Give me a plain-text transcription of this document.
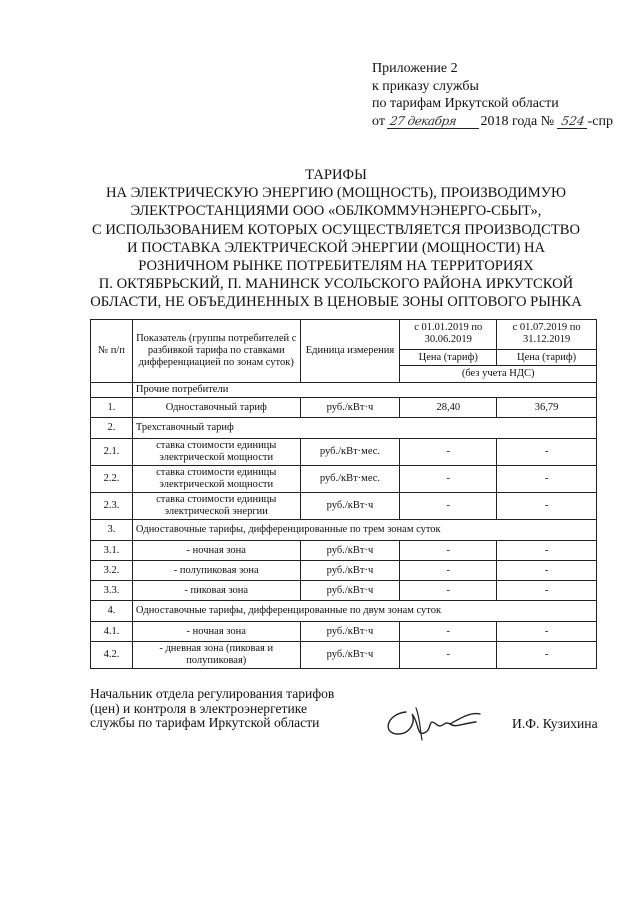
Приложение 2
к приказу службы
по тарифам Иркутской области
от 27 декабря 2018 года № 524 -спр
ТАРИФЫ
НА ЭЛЕКТРИЧЕСКУЮ ЭНЕРГИЮ (МОЩНОСТЬ), ПРОИЗВОДИМУЮ
ЭЛЕКТРОСТАНЦИЯМИ ООО «ОБЛКОММУНЭНЕРГО-СБЫТ»,
С ИСПОЛЬЗОВАНИЕМ КОТОРЫХ ОСУЩЕСТВЛЯЕТСЯ ПРОИЗВОДСТВО
И ПОСТАВКА ЭЛЕКТРИЧЕСКОЙ ЭНЕРГИИ (МОЩНОСТИ) НА
РОЗНИЧНОМ РЫНКЕ ПОТРЕБИТЕЛЯМ НА ТЕРРИТОРИЯХ
П. ОКТЯБРЬСКИЙ, П. МАНИНСК УСОЛЬСКОГО РАЙОНА ИРКУТСКОЙ
ОБЛАСТИ, НЕ ОБЪЕДИНЕННЫХ В ЦЕНОВЫЕ ЗОНЫ ОПТОВОГО РЫНКА
№ п/п	Показатель (группы потребителей с разбивкой тарифа по ставками дифференциацией по зонам суток)	Единица измерения	с 01.01.2019 по 30.06.2019	с 01.07.2019 по 31.12.2019
			Цена (тариф)	Цена (тариф)
			(без учета НДС)	
	Прочие потребители			
1.	Одноставочный тариф	руб./кВт·ч	28,40	36,79
2.	Трехставочный тариф			
2.1.	ставка стоимости единицы электрической мощности	руб./кВт·мес.	-	-
2.2.	ставка стоимости единицы электрической мощности	руб./кВт·мес.	-	-
2.3.	ставка стоимости единицы электрической энергии	руб./кВт·ч	-	-
3.	Одноставочные тарифы, дифференцированные по трем зонам суток			
3.1.	- ночная зона	руб./кВт·ч	-	-
3.2.	- полупиковая зона	руб./кВт·ч	-	-
3.3.	- пиковая зона	руб./кВт·ч	-	-
4.	Одноставочные тарифы, дифференцированные по двум зонам суток			
4.1.	- ночная зона	руб./кВт·ч	-	-
4.2.	- дневная зона (пиковая и полупиковая)	руб./кВт·ч	-	-
Начальник отдела регулирования тарифов
(цен) и контроля в электроэнергетике
службы по тарифам Иркутской области	И.Ф. Кузихина
